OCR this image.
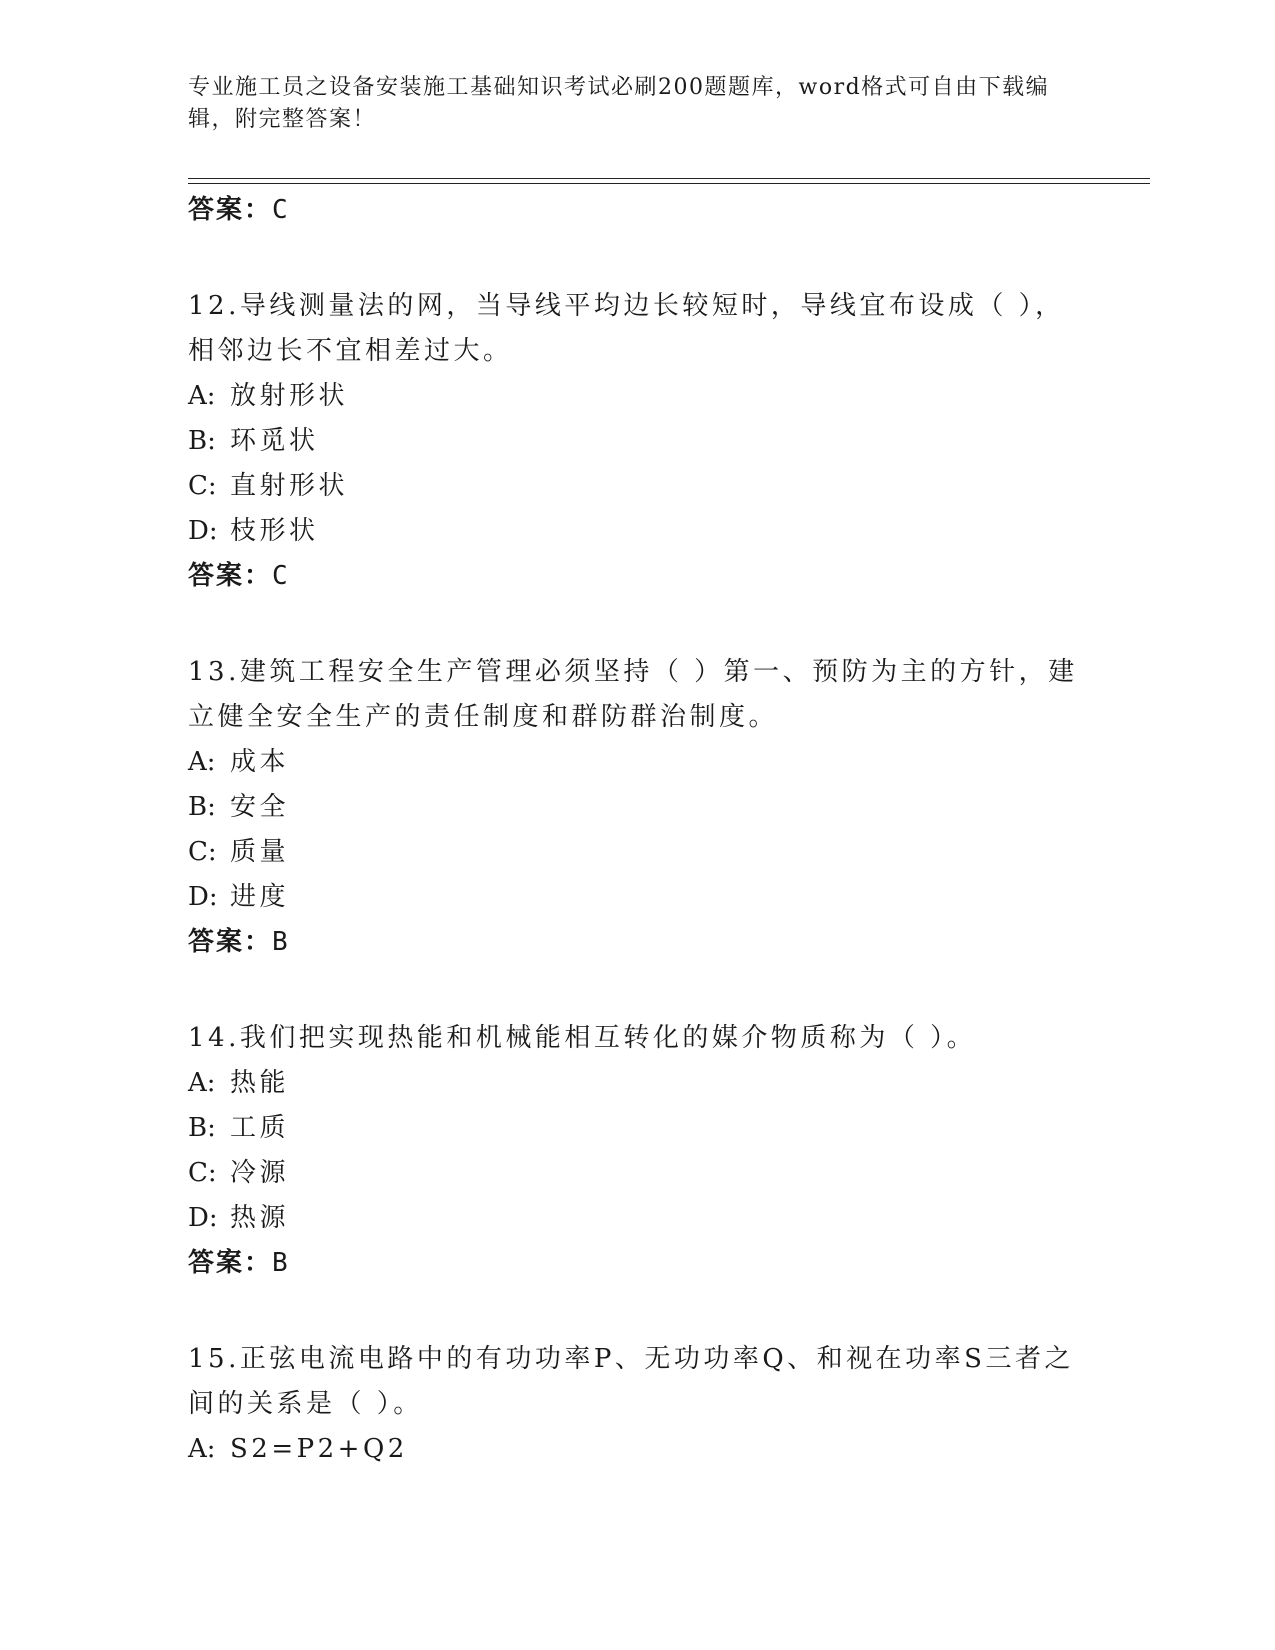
专业施工员之设备安装施工基础知识考试必刷200题题库，word格式可自由下载编辑，附完整答案！
答案：C
12.导线测量法的网，当导线平均边长较短时，导线宜布设成（ ），相邻边长不宜相差过大。
A: 放射形状
B: 环觅状
C: 直射形状
D: 枝形状
答案：C
13.建筑工程安全生产管理必须坚持（ ）第一、预防为主的方针，建立健全安全生产的责任制度和群防群治制度。
A: 成本
B: 安全
C: 质量
D: 进度
答案：B
14.我们把实现热能和机械能相互转化的媒介物质称为（ ）。
A: 热能
B: 工质
C: 冷源
D: 热源
答案：B
15.正弦电流电路中的有功功率P、无功功率Q、和视在功率S三者之间的关系是（ ）。
A: S2=P2+Q2
